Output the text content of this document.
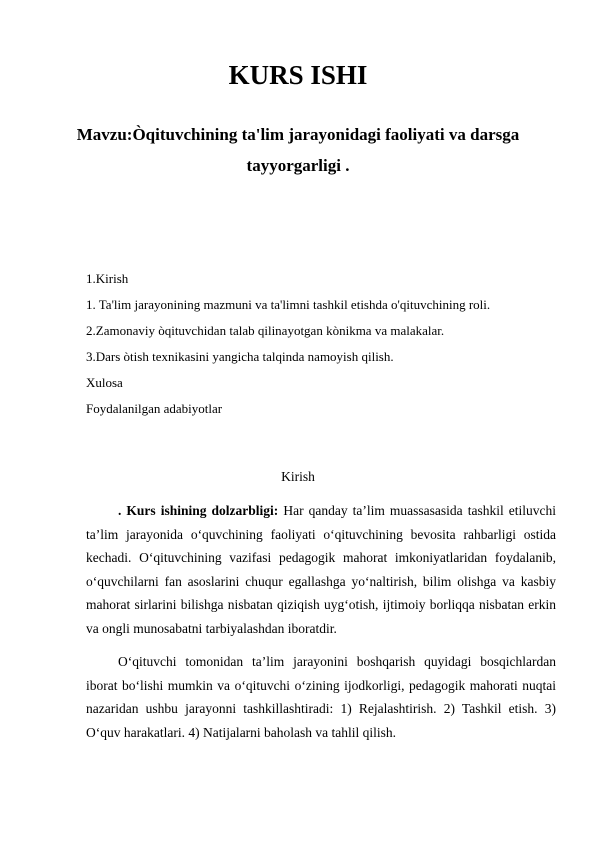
KURS ISHI
Mavzu:Òqituvchining ta'lim jarayonidagi faoliyati va darsga tayyorgarligi .
1.Kirish
1. Ta'lim jarayonining mazmuni va ta'limni tashkil etishda o'qituvchining roli.
2.Zamonaviy òqituvchidan talab qilinayotgan kònikma va malakalar.
3.Dars òtish texnikasini yangicha talqinda namoyish qilish.
Xulosa
Foydalanilgan adabiyotlar
Kirish

. Kurs ishining dolzarbligi: Har qanday ta’lim muassasasida tashkil etiluvchi ta’lim jarayonida o‘quvchining faoliyati o‘qituvchining bevosita rahbarligi ostida kechadi. O‘qituvchining vazifasi pedagogik mahorat imkoniyatlaridan foydalanib, o‘quvchilarni fan asoslarini chuqur egallashga yo‘naltirish, bilim olishga va kasbiy mahorat sirlarini bilishga nisbatan qiziqish uyg‘otish, ijtimoiy borliqqa nisbatan erkin va ongli munosabatni tarbiyalashdan iboratdir.

O‘qituvchi tomonidan ta’lim jarayonini boshqarish quyidagi bosqichlardan iborat bo‘lishi mumkin va o‘qituvchi o‘zining ijodkorligi, pedagogik mahorati nuqtai nazaridan ushbu jarayonni tashkillashtiradi: 1) Rejalashtirish. 2) Tashkil etish. 3) O‘quv harakatlari. 4) Natijalarni baholash va tahlil qilish.
